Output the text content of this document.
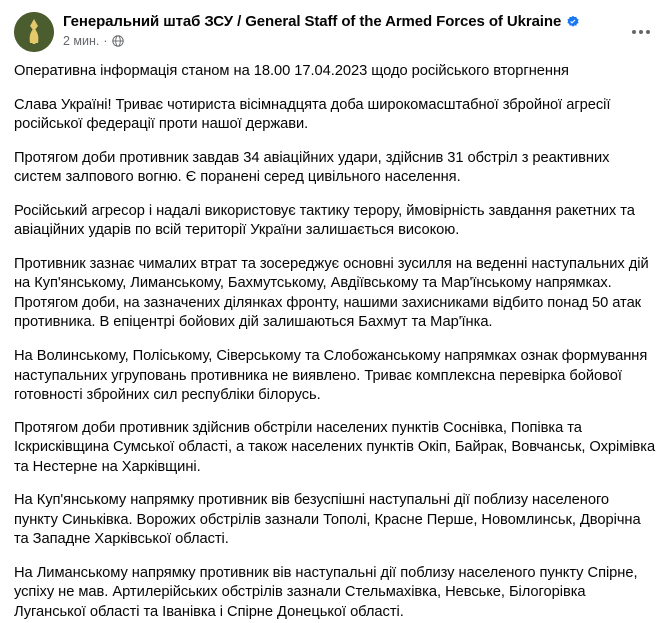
Генеральний штаб ЗСУ / General Staff of the Armed Forces of Ukraine
2 мин. ·

Оперативна інформація станом на 18.00 17.04.2023 щодо російського вторгнення

Слава Україні! Триває чотириста вісімнадцята доба широкомасштабної збройної агресії російської федерації проти нашої держави.

Протягом доби противник завдав 34 авіаційних удари, здійснив 31 обстріл з реактивних систем залпового вогню. Є поранені серед цивільного населення.

Російський агресор і надалі використовує тактику терору, ймовірність завдання ракетних та авіаційних ударів по всій території України залишається високою.

Противник зазнає чималих втрат та зосереджує основні зусилля на веденні наступальних дій на Куп'янському, Лиманському, Бахмутському, Авдіївському та Мар'їнському напрямках. Протягом доби, на зазначених ділянках фронту, нашими захисниками відбито понад 50 атак противника. В епіцентрі бойових дій залишаються Бахмут та Мар'їнка.

На Волинському, Поліському, Сіверському та Слобожанському напрямках ознак формування наступальних угруповань противника не виявлено. Триває комплексна перевірка бойової готовності збройних сил республіки білорусь.

Протягом доби противник здійснив обстріли населених пунктів Соснівка, Попівка та Іскрисківщина Сумської області, а також населених пунктів Окіп, Байрак, Вовчанськ, Охрімівка та Нестерне на Харківщині.

На Куп'янському напрямку противник вів безуспішні наступальні дії поблизу населеного пункту Синьківка. Ворожих обстрілів зазнали Тополі, Красне Перше, Новомлинськ, Дворічна та Западне Харківської області.

На Лиманському напрямку противник вів наступальні дії поблизу населеного пункту Спірне, успіху не мав. Артилерійських обстрілів зазнали Стельмахівка, Невське, Білогорівка Луганської області та Іванівка і Спірне Донецької області.
